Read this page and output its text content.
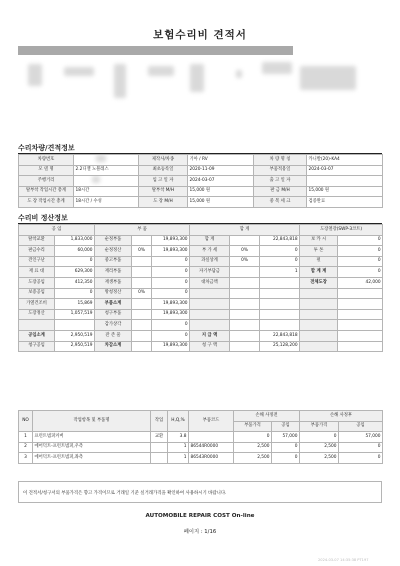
보험수리비 견적서
수리차량/견적정보
차량번호		제작사/차종	기아 / RV	차 량 명 칭	카니발(20)-KA4
모 델 명	2.2디젤 노블레스	최초등록일	2020-11-09	부품적용일	2024-03-07
주행거리		입 고 일 자	2024-03-07	출 고 일 자	
탈부착 작업시간 총계	18시간	탈부착 M/H	15,000 원	판 금 M/H	15,000 원
도 장 작업시간 총계	18시간 / 수성	도 장 M/H	15,000 원	중 복 세 크	검증완료
수리비 정산정보
공 임		부 품			합 계			도장철강(SWP-3코트)	
탈착교환	1,833,000	순정부품		19,893,300	합 계		22,843,818	보 카 시	0
판금수리	60,000	순정정산	0%	19,893,300	부 가 세	0%	0	투 톤	0
견인구난	0	중고부품		0	과실상계	0%	0	펄	0
재 료 대	629,300	재리부품		0	자기부담금		1	합 계 계	0
도장공임	412,350	재생부품		0	대차금액			전체도장	42,000
보증공임	0	방청정산	0%	0					
가열건조비	15,869	부품소계		19,893,300					
도장정산	1,057,519	청구부품		19,893,300					
		감가상각		0					
공임소계	2,950,519	잔 존 물		0	지 급 액		22,843,818		
청구공임	2,950,519	차감소계		19,893,300	청 구 액		25,128,200		
NO	작업항목 및 부품명	작업	H,Q,%	부품코드	손해 사정전		손해 사정후	
					부품가격	공임	부품가격	공임
1	프런트범퍼커버	교환	3.8		0	57,000	0	57,000
2	에어덕트-프런트범퍼,우측		1	86544R0000	2,500	0	2,500	0
3	에어덕트-프런트범퍼,좌측		1	86543R0000	2,500	0	2,500	0
이 견적서/청구서의 부품가격은 향고 가격이므로 거래일 기준 실거래가격을 확인하여 사용하시기 바랍니다.
AUTOMOBILE REPAIR COST On-line
페이지 : 1/16
2024-03-07 14:35:38 PT197
